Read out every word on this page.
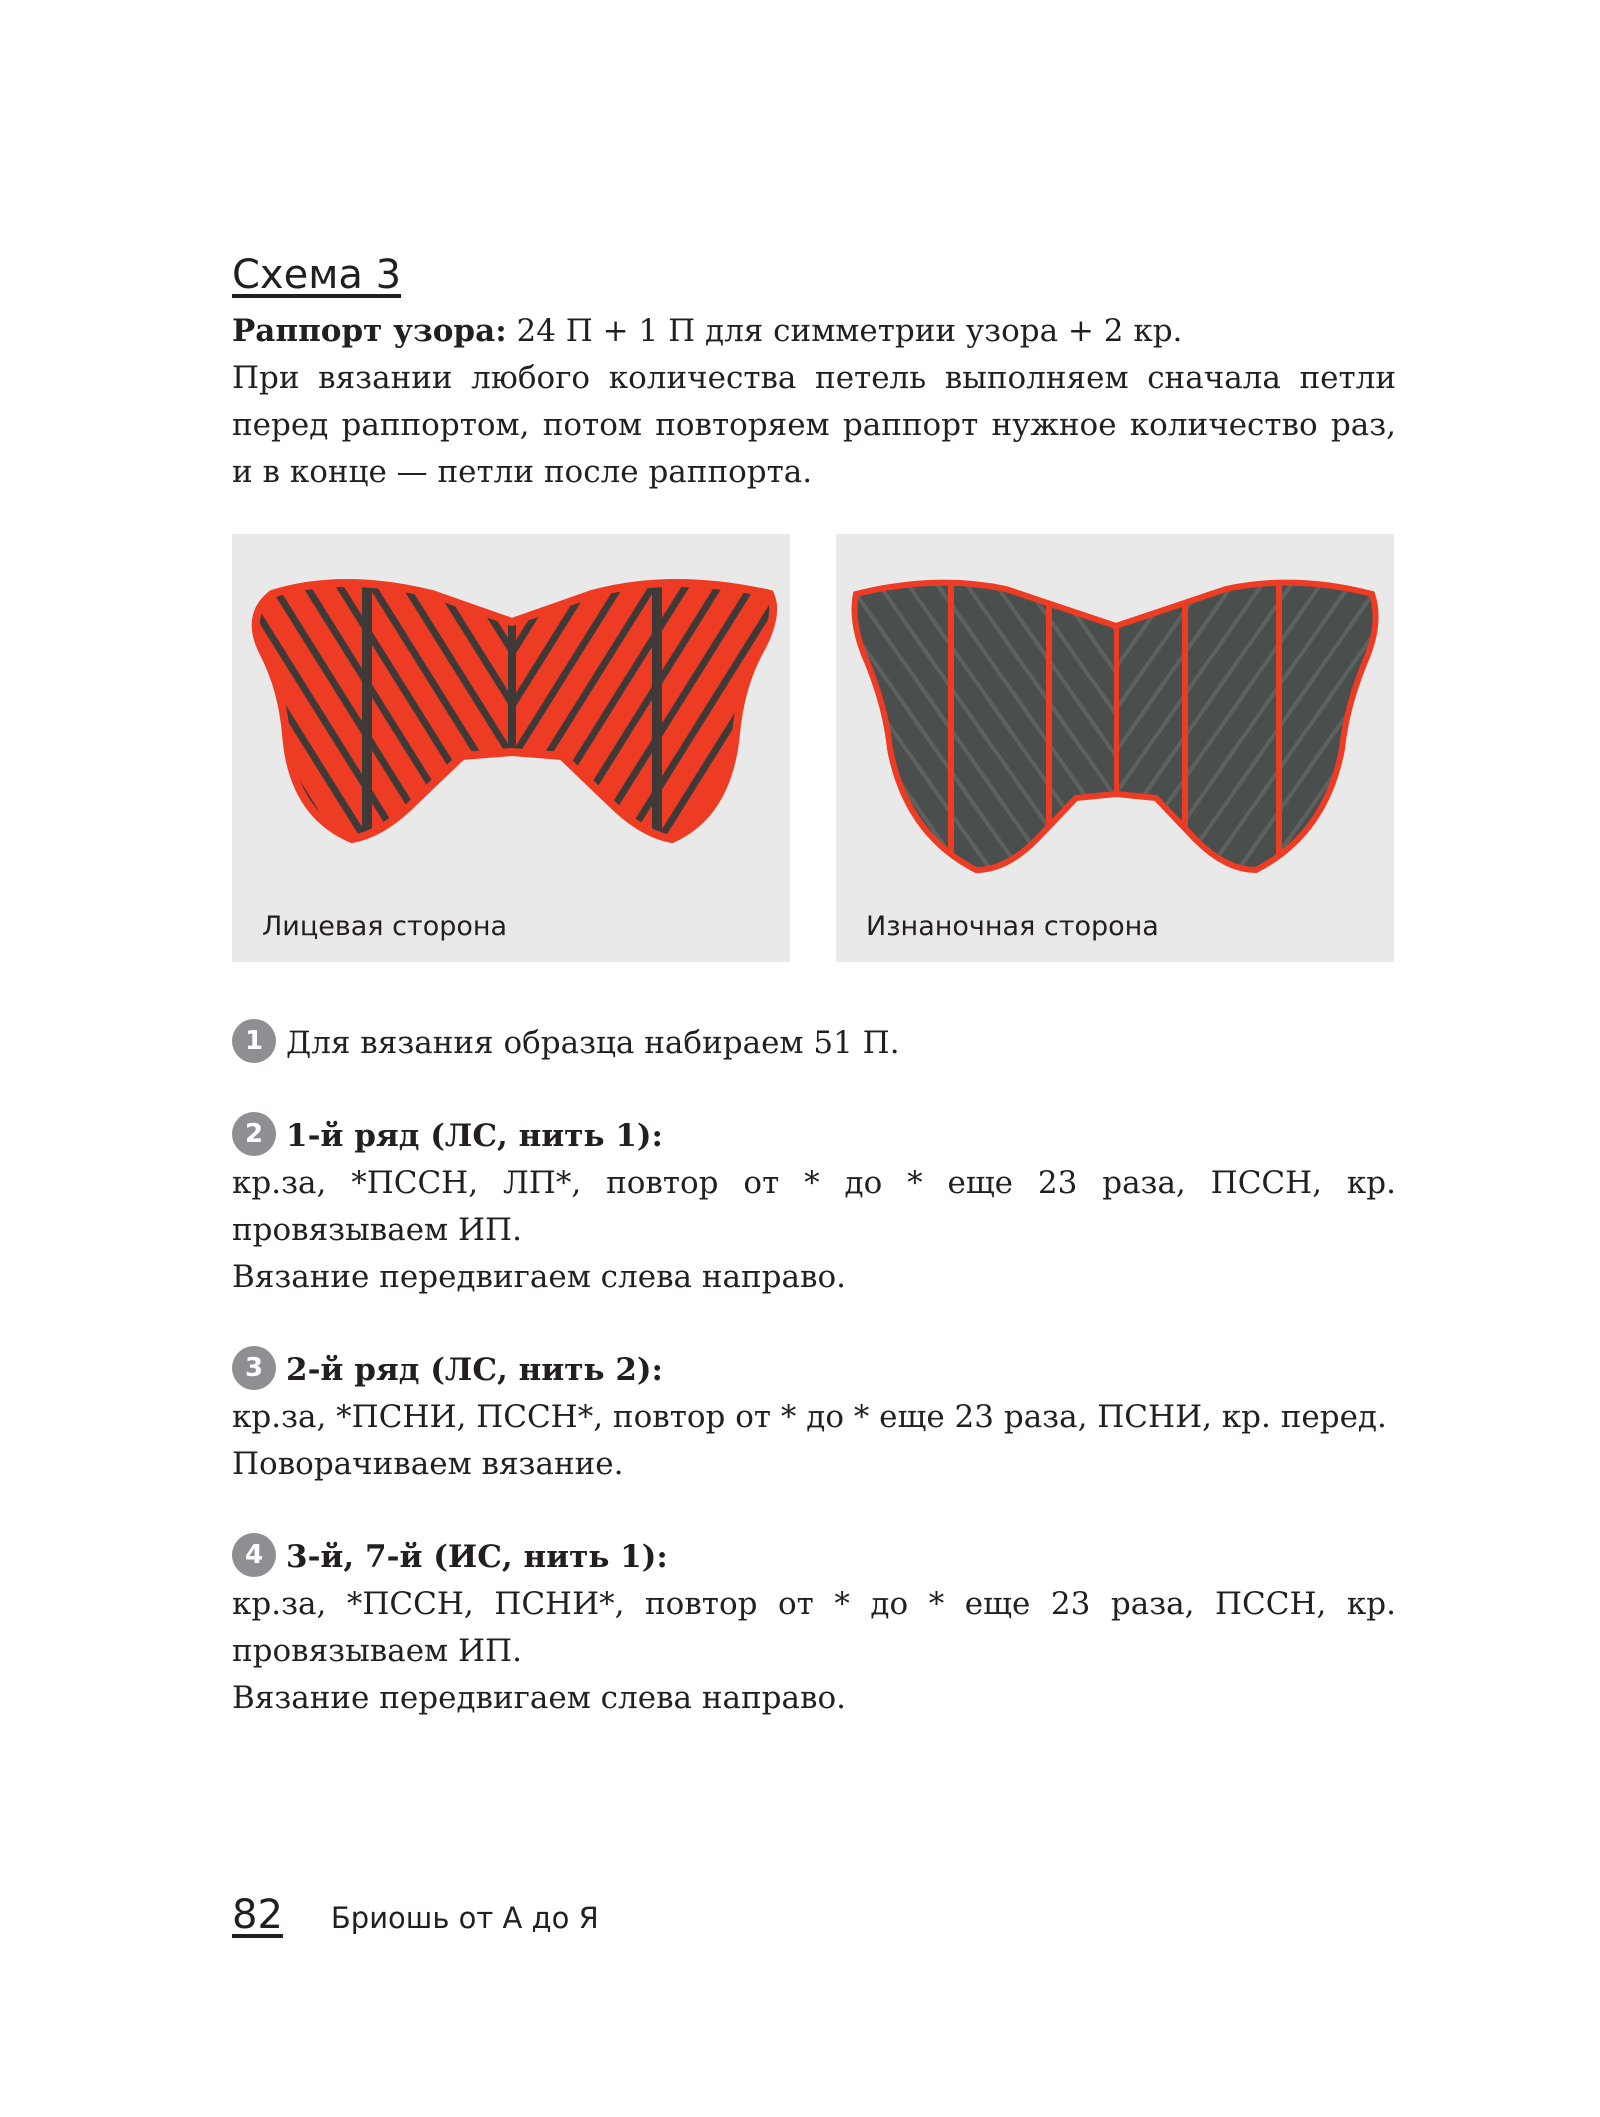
Схема 3

Раппорт узора: 24 П + 1 П для симметрии узора + 2 кр.

При вязании любого количества петель выполняем сначала петли перед раппортом, потом повторяем раппорт нужное количество раз, и в конце — петли после раппорта.

Лицевая сторона	Изнаночная сторона

1 Для вязания образца набираем 51 П.

2 1-й ряд (ЛС, нить 1):

кр.за, *ПССН, ЛП*, повтор от * до * еще 23 раза, ПССН, кр. провязываем ИП.

Вязание передвигаем слева направо.

3 2-й ряд (ЛС, нить 2):

кр.за, *ПСНИ, ПССН*, повтор от * до * еще 23 раза, ПСНИ, кр. перед.

Поворачиваем вязание.

4 3-й, 7-й (ИС, нить 1):

кр.за, *ПССН, ПСНИ*, повтор от * до * еще 23 раза, ПССН, кр. провязываем ИП.

Вязание передвигаем слева направо.

82 Бриошь от А до Я
